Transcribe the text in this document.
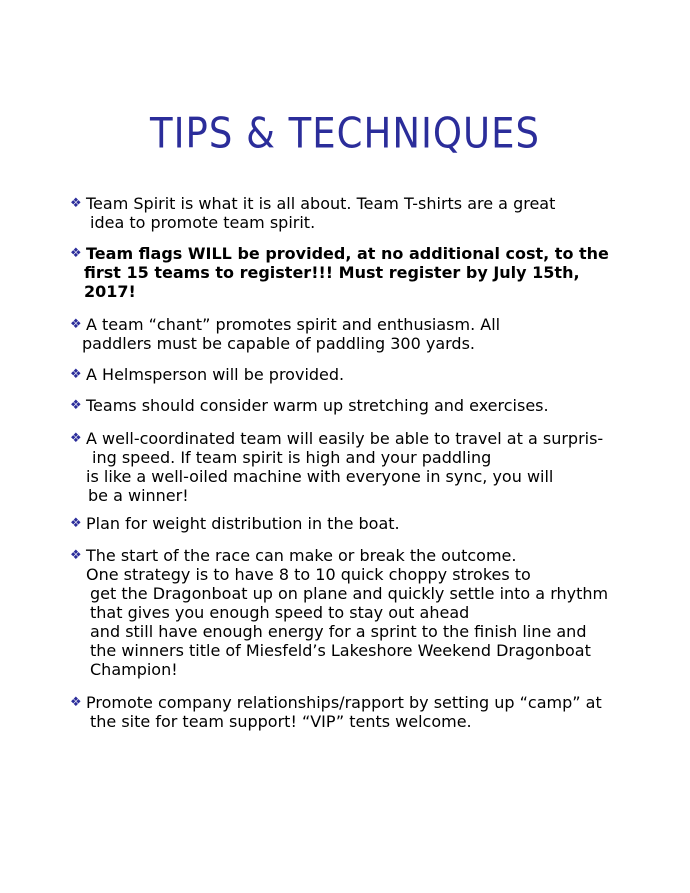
TIPS & TECHNIQUES
❖ Team Spirit is what it is all about. Team T-shirts are a great
idea to promote team spirit.
❖ Team flags WILL be provided, at no additional cost, to the
first 15 teams to register!!! Must register by July 15th,
2017!
❖ A team “chant” promotes spirit and enthusiasm. All
paddlers must be capable of paddling 300 yards.
❖ A Helmsperson will be provided.
❖ Teams should consider warm up stretching and exercises.
❖ A well-coordinated team will easily be able to travel at a surpris-
ing speed. If team spirit is high and your paddling
is like a well-oiled machine with everyone in sync, you will
be a winner!
❖ Plan for weight distribution in the boat.
❖ The start of the race can make or break the outcome.
One strategy is to have 8 to 10 quick choppy strokes to
get the Dragonboat up on plane and quickly settle into a rhythm
that gives you enough speed to stay out ahead
and still have enough energy for a sprint to the finish line and
the winners title of Miesfeld’s Lakeshore Weekend Dragonboat
Champion!
❖ Promote company relationships/rapport by setting up “camp” at
the site for team support! “VIP” tents welcome.
